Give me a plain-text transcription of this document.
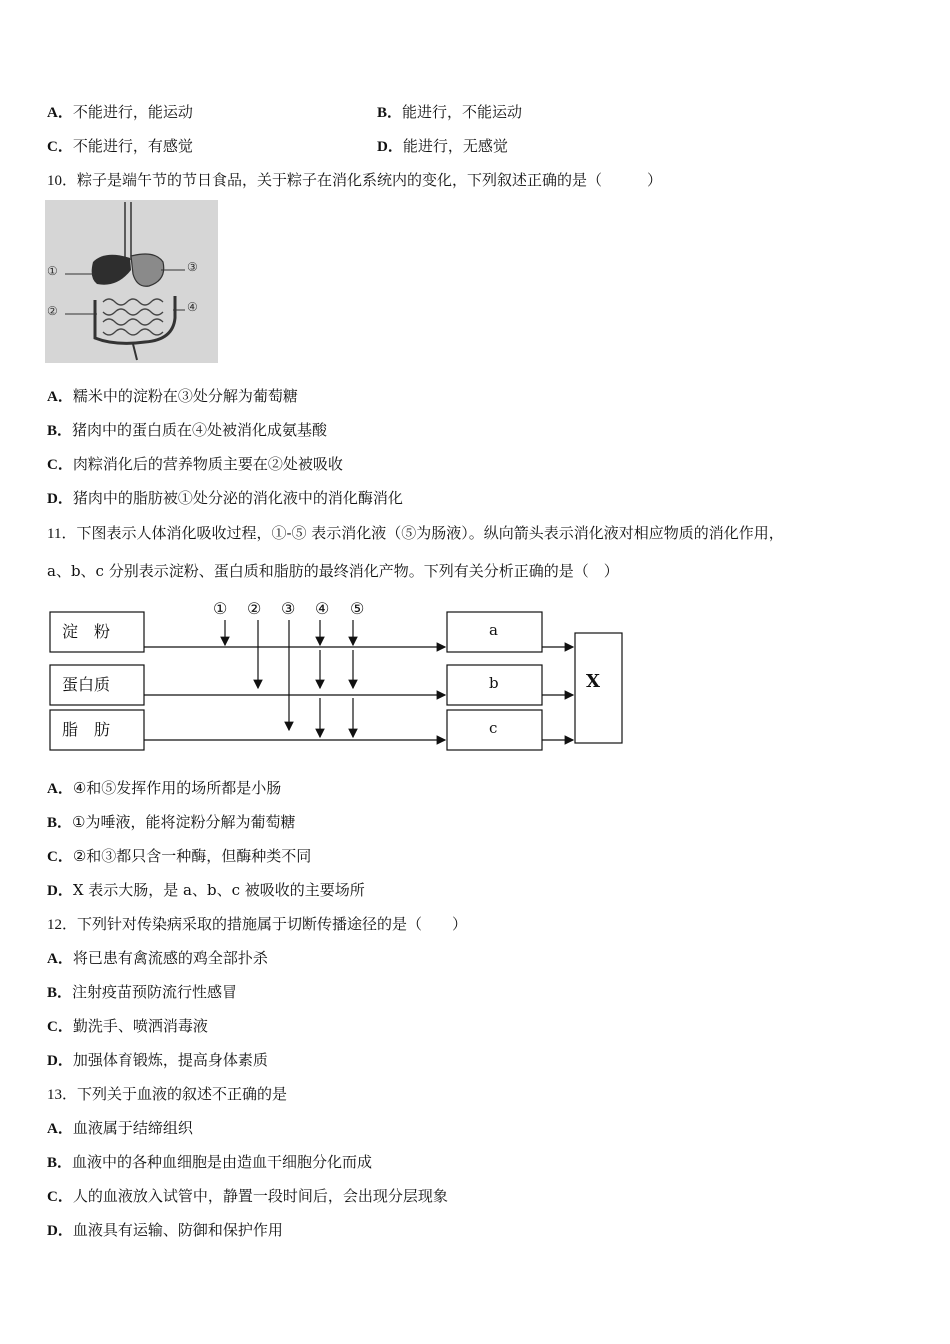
A．不能进行，能运动	B．能进行，不能运动
C．不能进行，有感觉	D．能进行，无感觉
10．粽子是端午节的节日食品，关于粽子在消化系统内的变化，下列叙述正确的是（　　　）
①
②
③
④
A．糯米中的淀粉在③处分解为葡萄糖
B．猪肉中的蛋白质在④处被消化成氨基酸
C．肉粽消化后的营养物质主要在②处被吸收
D．猪肉中的脂肪被①处分泌的消化液中的消化酶消化
11．下图表示人体消化吸收过程，①-⑤ 表示消化液（⑤为肠液）。纵向箭头表示消化液对相应物质的消化作用，
a、b、c 分别表示淀粉、蛋白质和脂肪的最终消化产物。下列有关分析正确的是（　）
① ② ③ ④ ⑤
淀　粉
蛋白质
脂　肪
a
b
c
X
A．④和⑤发挥作用的场所都是小肠
B．①为唾液，能将淀粉分解为葡萄糖
C．②和③都只含一种酶，但酶种类不同
D．X 表示大肠，是 a、b、c 被吸收的主要场所
12．下列针对传染病采取的措施属于切断传播途径的是（　　）
A．将已患有禽流感的鸡全部扑杀
B．注射疫苗预防流行性感冒
C．勤洗手、喷洒消毒液
D．加强体育锻炼，提高身体素质
13．下列关于血液的叙述不正确的是
A．血液属于结缔组织
B．血液中的各种血细胞是由造血干细胞分化而成
C．人的血液放入试管中，静置一段时间后，会出现分层现象
D．血液具有运输、防御和保护作用
